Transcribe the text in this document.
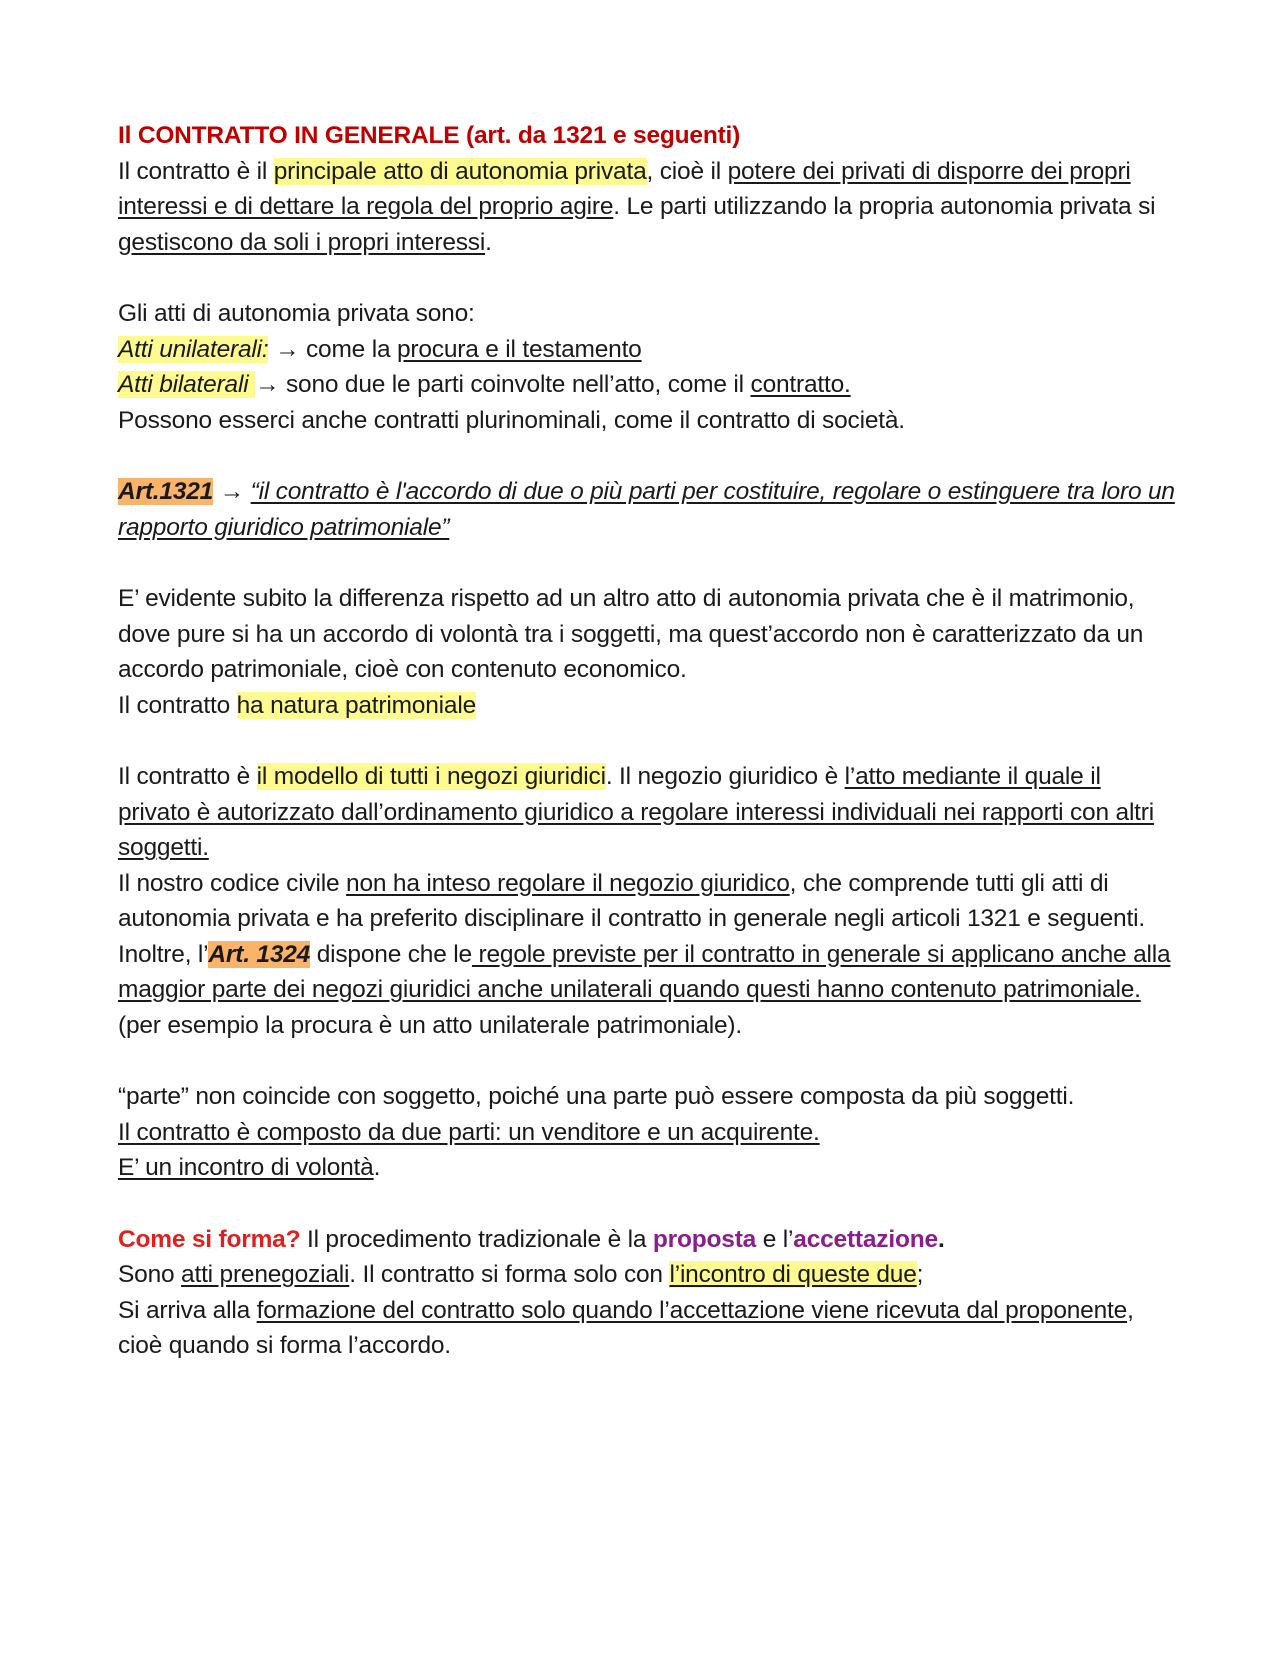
Il CONTRATTO IN GENERALE (art. da 1321 e seguenti)

Il contratto è il principale atto di autonomia privata, cioè il potere dei privati di disporre dei propri interessi e di dettare la regola del proprio agire. Le parti utilizzando la propria autonomia privata si gestiscono da soli i propri interessi.

Gli atti di autonomia privata sono:

Atti unilaterali: → come la procura e il testamento

Atti bilaterali → sono due le parti coinvolte nell’atto, come il contratto.

Possono esserci anche contratti plurinominali, come il contratto di società.

Art.1321 → “il contratto è l'accordo di due o più parti per costituire, regolare o estinguere tra loro un rapporto giuridico patrimoniale”

E’ evidente subito la differenza rispetto ad un altro atto di autonomia privata che è il matrimonio, dove pure si ha un accordo di volontà tra i soggetti, ma quest’accordo non è caratterizzato da un accordo patrimoniale, cioè con contenuto economico.

Il contratto ha natura patrimoniale

Il contratto è il modello di tutti i negozi giuridici. Il negozio giuridico è l’atto mediante il quale il privato è autorizzato dall’ordinamento giuridico a regolare interessi individuali nei rapporti con altri soggetti.

Il nostro codice civile non ha inteso regolare il negozio giuridico, che comprende tutti gli atti di autonomia privata e ha preferito disciplinare il contratto in generale negli articoli 1321 e seguenti.

Inoltre, l’Art. 1324 dispone che le regole previste per il contratto in generale si applicano anche alla maggior parte dei negozi giuridici anche unilaterali quando questi hanno contenuto patrimoniale. (per esempio la procura è un atto unilaterale patrimoniale).

“parte” non coincide con soggetto, poiché una parte può essere composta da più soggetti.

Il contratto è composto da due parti: un venditore e un acquirente.

E’ un incontro di volontà.

Come si forma? Il procedimento tradizionale è la proposta e l’accettazione.

Sono atti prenegoziali. Il contratto si forma solo con l’incontro di queste due;

Si arriva alla formazione del contratto solo quando l’accettazione viene ricevuta dal proponente, cioè quando si forma l’accordo.
